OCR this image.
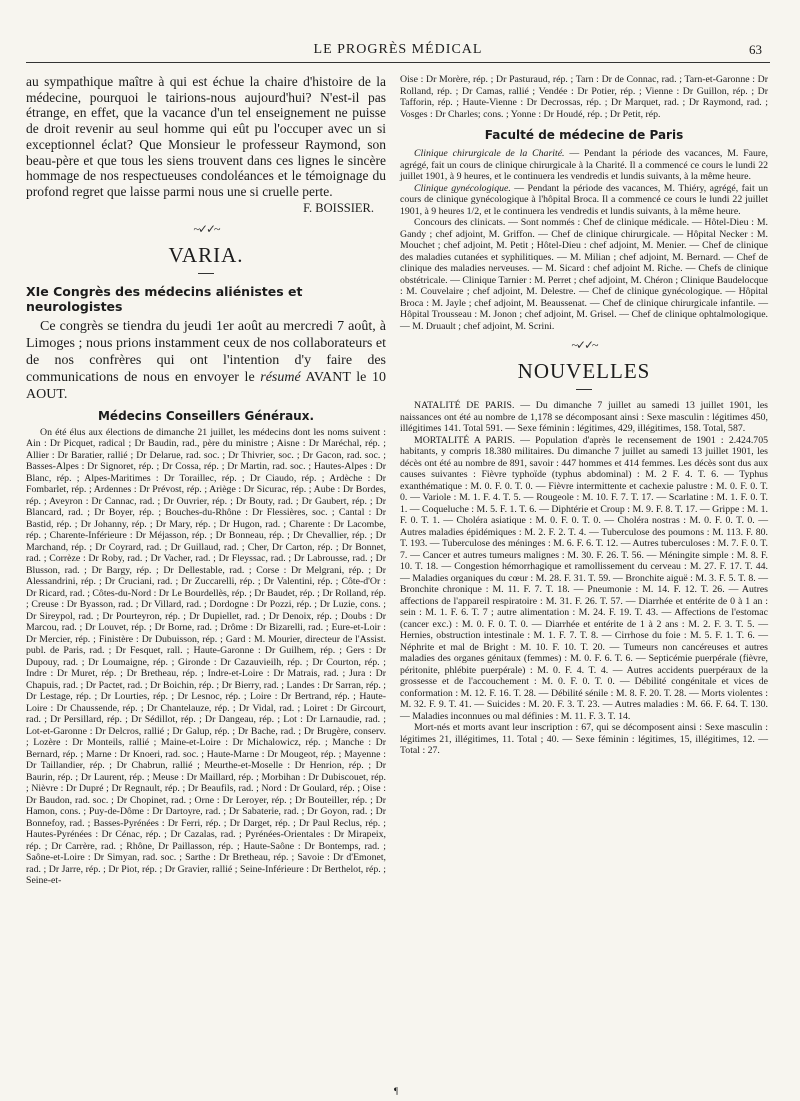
LE PROGRÈS MÉDICAL	63

au sympathique maître à qui est échue la chaire d'histoire de la médecine, pourquoi le tairions-nous aujourd'hui? N'est-il pas étrange, en effet, que la vacance d'un tel enseignement ne puisse de droit revenir au seul homme qui eût pu l'occuper avec un si exceptionnel éclat? Que Monsieur le professeur Raymond, son beau-père et que tous les siens trouvent dans ces lignes le sincère hommage de nos respectueuses condoléances et le témoignage du profond regret que laisse parmi nous une si cruelle perte.

F. BOISSIER.
~✓✓~
VARIA.
XIe Congrès des médecins aliénistes et neurologistes

Ce congrès se tiendra du jeudi 1er août au mercredi 7 août, à Limoges ; nous prions instamment ceux de nos collaborateurs et de nos confrères qui ont l'intention d'y faire des communications de nous en envoyer le résumé AVANT le 10 AOUT.

Médecins Conseillers Généraux.

On été élus aux élections de dimanche 21 juillet, les médecins dont les noms suivent : Ain : Dr Picquet, radical ; Dr Baudin, rad., père du ministre ; Aisne : Dr Maréchal, rép. ; Allier : Dr Baratier, rallié ; Dr Delarue, rad. soc. ; Dr Thivrier, soc. ; Dr Gacon, rad. soc. ; Basses-Alpes : Dr Signoret, rép. ; Dr Cossa, rép. ; Dr Martin, rad. soc. ; Hautes-Alpes : Dr Blanc, rép. ; Alpes-Maritimes : Dr Toraillec, rép. ; Dr Ciaudo, rép. ; Ardèche : Dr Fombarlet, rép. ; Ardennes : Dr Prévost, rép. ; Ariège : Dr Sicurac, rép. ; Aube : Dr Bordes, rép. ; Aveyron : Dr Cannac, rad. ; Dr Ouvrier, rép. ; Dr Bouty, rad. ; Dr Gaubert, rép. ; Dr Blancard, rad. ; Dr Boyer, rép. ; Bouches-du-Rhône : Dr Flessières, soc. ; Cantal : Dr Bastid, rép. ; Dr Johanny, rép. ; Dr Mary, rép. ; Dr Hugon, rad. ; Charente : Dr Lacombe, rép. ; Charente-Inférieure : Dr Méjasson, rép. ; Dr Bonneau, rép. ; Dr Chevallier, rép. ; Dr Marchand, rép. ; Dr Coyrard, rad. ; Dr Guillaud, rad. ; Cher, Dr Carton, rép. ; Dr Bonnet, rad. ; Corrèze : Dr Roby, rad. ; Dr Vacher, rad. ; Dr Fleyssac, rad. ; Dr Labrousse, rad. ; Dr Blusson, rad. ; Dr Bargy, rép. ; Dr Dellestable, rad. ; Corse : Dr Melgrani, rép. ; Dr Alessandrini, rép. ; Dr Cruciani, rad. ; Dr Zuccarelli, rép. ; Dr Valentini, rép. ; Côte-d'Or : Dr Ricard, rad. ; Côtes-du-Nord : Dr Le Bourdellès, rép. ; Dr Baudet, rép. ; Dr Rolland, rép. ; Creuse : Dr Byasson, rad. ; Dr Villard, rad. ; Dordogne : Dr Pozzi, rép. ; Dr Luzie, cons. ; Dr Sireypol, rad. ; Dr Pourteyron, rép. ; Dr Dupiellet, rad. ; Dr Denoix, rép. ; Doubs : Dr Marcou, rad. ; Dr Louvet, rép. ; Dr Borne, rad. ; Drôme : Dr Bizarelli, rad. ; Eure-et-Loir : Dr Mercier, rép. ; Finistère : Dr Dubuisson, rép. ; Gard : M. Mourier, directeur de l'Assist. publ. de Paris, rad. ; Dr Fesquet, rall. ; Haute-Garonne : Dr Guilhem, rép. ; Gers : Dr Dupouy, rad. ; Dr Loumaigne, rép. ; Gironde : Dr Cazauvieilh, rép. ; Dr Courton, rép. ; Indre : Dr Muret, rép. ; Dr Bretheau, rép. ; Indre-et-Loire : Dr Matrais, rad. ; Jura : Dr Chapuis, rad. ; Dr Pactet, rad. ; Dr Boichin, rép. ; Dr Bierry, rad. ; Landes : Dr Sarran, rép. ; Dr Lestage, rép. ; Dr Lourties, rép. ; Dr Lesnoc, rép. ; Loire : Dr Bertrand, rép. ; Haute-Loire : Dr Chaussende, rép. ; Dr Chantelauze, rép. ; Dr Vidal, rad. ; Loiret : Dr Gircourt, rad. ; Dr Persillard, rép. ; Dr Sédillot, rép. ; Dr Dangeau, rép. ; Lot : Dr Larnaudie, rad. ; Lot-et-Garonne : Dr Delcros, rallié ; Dr Galup, rép. ; Dr Bache, rad. ; Dr Brugère, conserv. ; Lozère : Dr Monteils, rallié ; Maine-et-Loire : Dr Michalowicz, rép. ; Manche : Dr Bernard, rép. ; Marne : Dr Knoeri, rad. soc. ; Haute-Marne : Dr Mougeot, rép. ; Mayenne : Dr Taillandier, rép. ; Dr Chabrun, rallié ; Meurthe-et-Moselle : Dr Henrion, rép. ; Dr Baurin, rép. ; Dr Laurent, rép. ; Meuse : Dr Maillard, rép. ; Morbihan : Dr Dubiscouet, rép. ; Nièvre : Dr Dupré ; Dr Regnault, rép. ; Dr Beaufils, rad. ; Nord : Dr Goulard, rép. ; Oise : Dr Baudon, rad. soc. ; Dr Chopinet, rad. ; Orne : Dr Leroyer, rép. ; Dr Bouteiller, rép. ; Dr Hamon, cons. ; Puy-de-Dôme : Dr Dartoyre, rad. ; Dr Sabaterie, rad. ; Dr Goyon, rad. ; Dr Bonnefoy, rad. ; Basses-Pyrénées : Dr Ferri, rép. ; Dr Darget, rép. ; Dr Paul Reclus, rép. ; Hautes-Pyrénées : Dr Cénac, rép. ; Dr Cazalas, rad. ; Pyrénées-Orientales : Dr Mirapeix, rép. ; Dr Carrère, rad. ; Rhône, Dr Paillasson, rép. ; Haute-Saône : Dr Bontemps, rad. ; Saône-et-Loire : Dr Simyan, rad. soc. ; Sarthe : Dr Bretheau, rép. ; Savoie : Dr d'Emonet, rad. ; Dr Jarre, rép. ; Dr Piot, rép. ; Dr Gravier, rallié ; Seine-Inférieure : Dr Berthelot, rép. ; Seine-et-

Oise : Dr Morère, rép. ; Dr Pasturaud, rép. ; Tarn : Dr de Connac, rad. ; Tarn-et-Garonne : Dr Rolland, rép. ; Dr Camas, rallié ; Vendée : Dr Potier, rép. ; Vienne : Dr Guillon, rép. ; Dr Tafforin, rép. ; Haute-Vienne : Dr Decrossas, rép. ; Dr Marquet, rad. ; Dr Raymond, rad. ; Vosges : Dr Charles; cons. ; Yonne : Dr Houdé, rép. ; Dr Petit, rép.

Faculté de médecine de Paris

Clinique chirurgicale de la Charité. — Pendant la période des vacances, M. Faure, agrégé, fait un cours de clinique chirurgicale à la Charité. Il a commencé ce cours le lundi 22 juillet 1901, à 9 heures, et le continuera les vendredis et lundis suivants, à la même heure.

Clinique gynécologique. — Pendant la période des vacances, M. Thiéry, agrégé, fait un cours de clinique gynécologique à l'hôpital Broca. Il a commencé ce cours le lundi 22 juillet 1901, à 9 heures 1/2, et le continuera les vendredis et lundis suivants, à la même heure.

Concours des clinicats. — Sont nommés : Chef de clinique médicale. — Hôtel-Dieu : M. Gandy ; chef adjoint, M. Griffon. — Chef de clinique chirurgicale. — Hôpital Necker : M. Mouchet ; chef adjoint, M. Petit ; Hôtel-Dieu : chef adjoint, M. Menier. — Chef de clinique des maladies cutanées et syphilitiques. — M. Milian ; chef adjoint, M. Bernard. — Chef de clinique des maladies nerveuses. — M. Sicard : chef adjoint M. Riche. — Chefs de clinique obstétricale. — Clinique Tarnier : M. Perret ; chef adjoint, M. Chéron ; Clinique Baudelocque : M. Couvelaire ; chef adjoint, M. Delestre. — Chef de clinique gynécologique. — Hôpital Broca : M. Jayle ; chef adjoint, M. Beaussenat. — Chef de clinique chirurgicale infantile. — Hôpital Trousseau : M. Jonon ; chef adjoint, M. Grisel. — Chef de clinique ophtalmologique. — M. Druault ; chef adjoint, M. Scrini.

~✓✓~
NOUVELLES

NATALITÉ DE PARIS. — Du dimanche 7 juillet au samedi 13 juillet 1901, les naissances ont été au nombre de 1,178 se décomposant ainsi : Sexe masculin : légitimes 450, illégitimes 141. Total 591. — Sexe féminin : légitimes, 429, illégitimes, 158. Total, 587.

MORTALITÉ A PARIS. — Population d'après le recensement de 1901 : 2.424.705 habitants, y compris 18.380 militaires. Du dimanche 7 juillet au samedi 13 juillet 1901, les décès ont été au nombre de 891, savoir : 447 hommes et 414 femmes. Les décès sont dus aux causes suivantes : Fièvre typhoïde (typhus abdominal) : M. 2 F. 4. T. 6. — Typhus exanthématique : M. 0. F. 0. T. 0. — Fièvre intermittente et cachexie palustre : M. 0. F. 0. T. 0. — Variole : M. 1. F. 4. T. 5. — Rougeole : M. 10. F. 7. T. 17. — Scarlatine : M. 1. F. 0. T. 1. — Coqueluche : M. 5. F. 1. T. 6. — Diphtérie et Croup : M. 9. F. 8. T. 17. — Grippe : M. 1. F. 0. T. 1. — Choléra asiatique : M. 0. F. 0. T. 0. — Choléra nostras : M. 0. F. 0. T. 0. — Autres maladies épidémiques : M. 2. F. 2. T. 4. — Tuberculose des poumons : M. 113. F. 80. T. 193. — Tuberculose des méninges : M. 6. F. 6. T. 12. — Autres tuberculoses : M. 7. F. 0. T. 7. — Cancer et autres tumeurs malignes : M. 30. F. 26. T. 56. — Méningite simple : M. 8. F. 10. T. 18. — Congestion hémorrhagique et ramollissement du cerveau : M. 27. F. 17. T. 44. — Maladies organiques du cœur : M. 28. F. 31. T. 59. — Bronchite aiguë : M. 3. F. 5. T. 8. — Bronchite chronique : M. 11. F. 7. T. 18. — Pneumonie : M. 14. F. 12. T. 26. — Autres affections de l'appareil respiratoire : M. 31. F. 26. T. 57. — Diarrhée et entérite de 0 à 1 an : sein : M. 1. F. 6. T. 7 ; autre alimentation : M. 24. F. 19. T. 43. — Affections de l'estomac (cancer exc.) : M. 0. F. 0. T. 0. — Diarrhée et entérite de 1 à 2 ans : M. 2. F. 3. T. 5. — Hernies, obstruction intestinale : M. 1. F. 7. T. 8. — Cirrhose du foie : M. 5. F. 1. T. 6. — Néphrite et mal de Bright : M. 10. F. 10. T. 20. — Tumeurs non cancéreuses et autres maladies des organes génitaux (femmes) : M. 0. F. 6. T. 6. — Septicémie puerpérale (fièvre, péritonite, phlébite puerpérale) : M. 0. F. 4. T. 4. — Autres accidents puerpéraux de la grossesse et de l'accouchement : M. 0. F. 0. T. 0. — Débilité congénitale et vices de conformation : M. 12. F. 16. T. 28. — Débilité sénile : M. 8. F. 20. T. 28. — Morts violentes : M. 32. F. 9. T. 41. — Suicides : M. 20. F. 3. T. 23. — Autres maladies : M. 66. F. 64. T. 130. — Maladies inconnues ou mal définies : M. 11. F. 3. T. 14.

Mort-nés et morts avant leur inscription : 67, qui se décomposent ainsi : Sexe masculin : légitimes 21, illégitimes, 11. Total ; 40. — Sexe féminin : légitimes, 15, illégitimes, 12. — Total : 27.

¶
